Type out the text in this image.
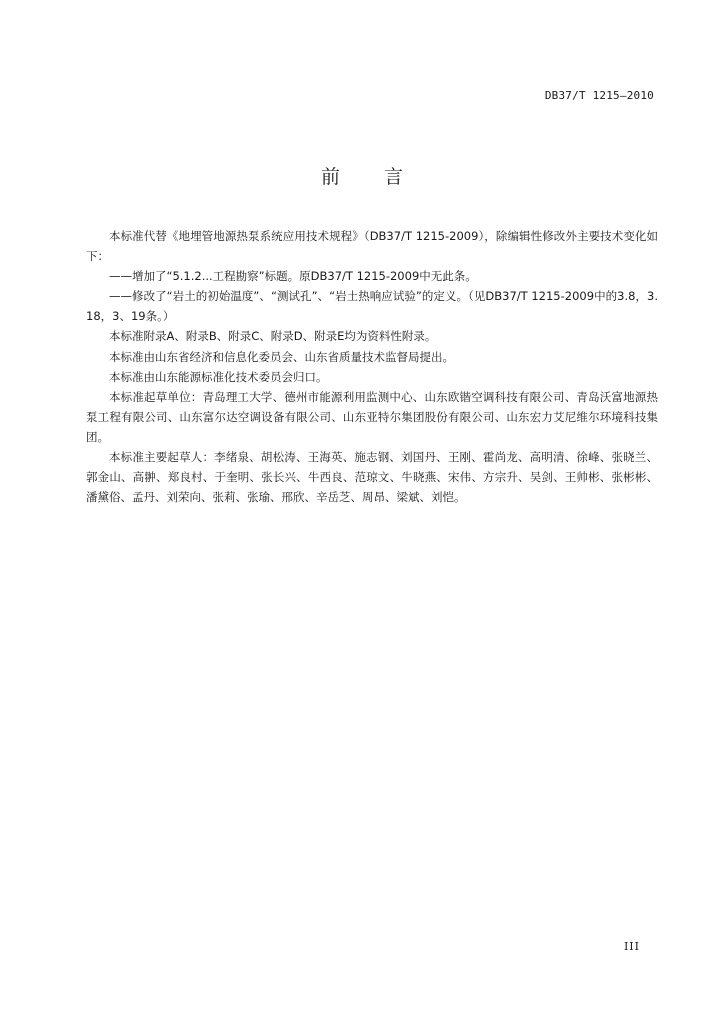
DB37/T 1215—2010
前言

本标准代替《地埋管地源热泵系统应用技术规程》（DB37/T 1215-2009），除编辑性修改外主要技术变化如下：

——增加了“5.1.2...工程勘察”标题。原DB37/T 1215-2009中无此条。

——修改了“岩土的初始温度”、“测试孔”、“岩土热响应试验”的定义。（见DB37/T 1215-2009中的3.8，3.18，3、19条。）

本标准附录A、附录B、附录C、附录D、附录E均为资料性附录。

本标准由山东省经济和信息化委员会、山东省质量技术监督局提出。

本标准由山东能源标准化技术委员会归口。

本标准起草单位：青岛理工大学、德州市能源利用监测中心、山东欧锴空调科技有限公司、青岛沃富地源热泵工程有限公司、山东富尔达空调设备有限公司、山东亚特尔集团股份有限公司、山东宏力艾尼维尔环境科技集团。

本标准主要起草人：李绪泉、胡松涛、王海英、施志钢、刘国丹、王刚、霍尚龙、高明清、徐峰、张晓兰、郭金山、高翀、郑良村、于奎明、张长兴、牛西良、范琼文、牛晓燕、宋伟、方宗升、吴剑、王帅彬、张彬彬、潘黛俗、孟丹、刘荣向、张莉、张瑜、邢欣、辛岳芝、周昂、梁斌、刘恺。

III
